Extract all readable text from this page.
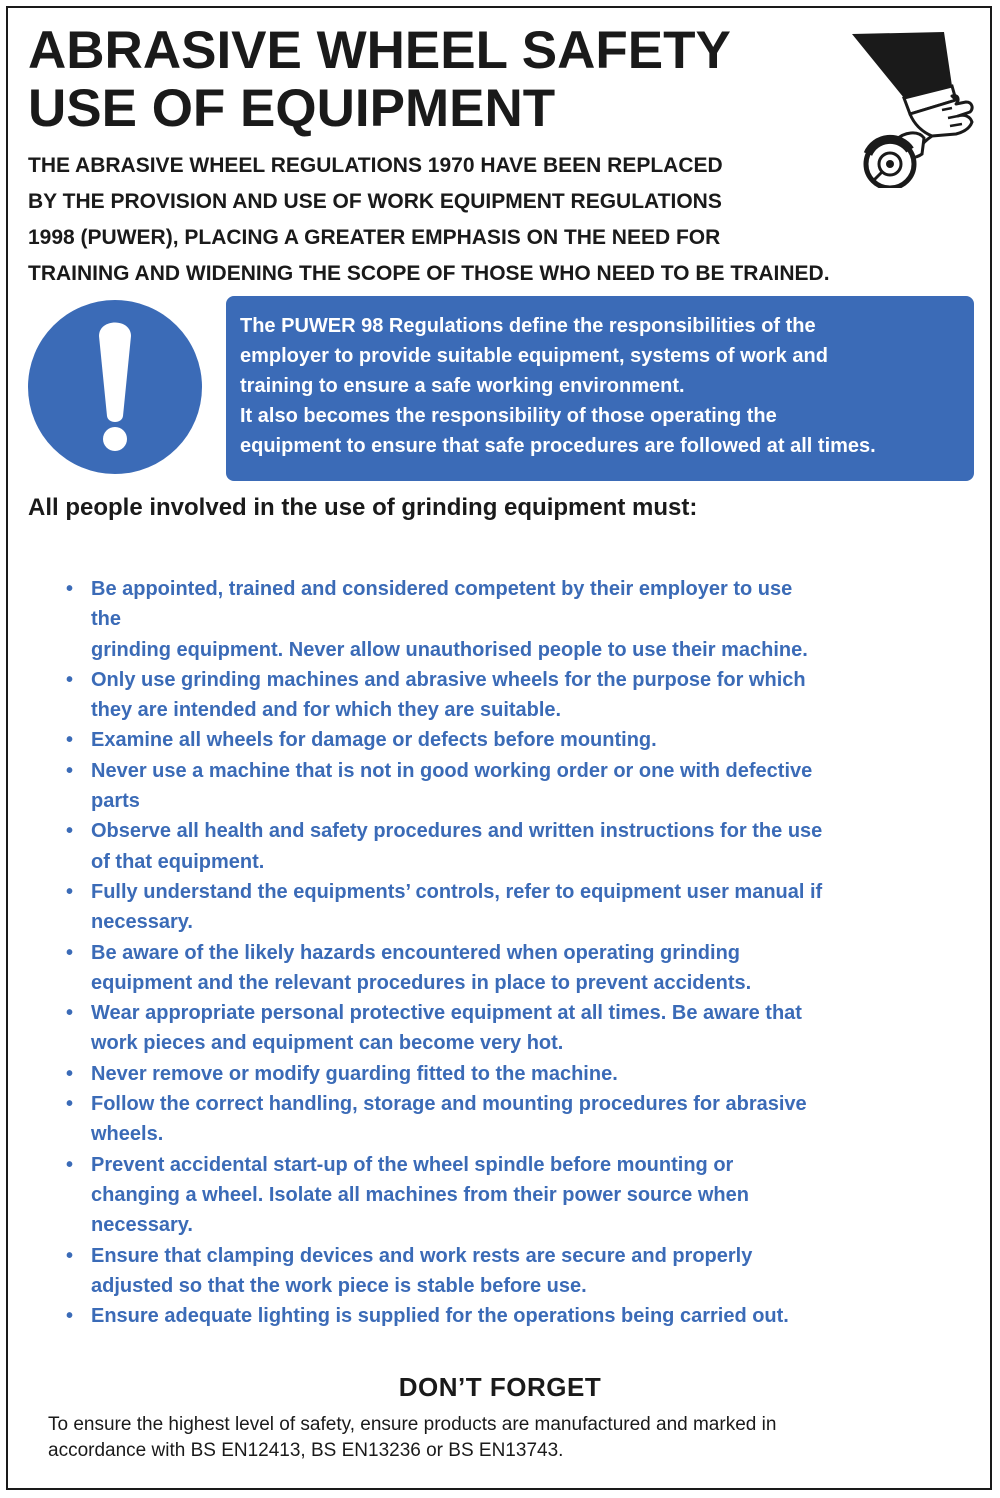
ABRASIVE WHEEL SAFETY
USE OF EQUIPMENT
THE ABRASIVE WHEEL REGULATIONS 1970 HAVE BEEN REPLACED
BY THE PROVISION AND USE OF WORK EQUIPMENT REGULATIONS
1998 (PUWER), PLACING A GREATER EMPHASIS ON THE NEED FOR
TRAINING AND WIDENING THE SCOPE OF THOSE WHO NEED TO BE TRAINED.
The PUWER 98 Regulations define the responsibilities of the
employer to provide suitable equipment, systems of work and
training to ensure a safe working environment.
It also becomes the responsibility of those operating the
equipment to ensure that safe procedures are followed at all times.

All people involved in the use of grinding equipment must:

• Be appointed, trained and considered competent by their employer to use
the
grinding equipment. Never allow unauthorised people to use their machine.
• Only use grinding machines and abrasive wheels for the purpose for which
they are intended and for which they are suitable.
• Examine all wheels for damage or defects before mounting.
• Never use a machine that is not in good working order or one with defective
parts
• Observe all health and safety procedures and written instructions for the use
of that equipment.
• Fully understand the equipments’ controls, refer to equipment user manual if
necessary.
• Be aware of the likely hazards encountered when operating grinding
equipment and the relevant procedures in place to prevent accidents.
• Wear appropriate personal protective equipment at all times. Be aware that
work pieces and equipment can become very hot.
• Never remove or modify guarding fitted to the machine.
• Follow the correct handling, storage and mounting procedures for abrasive
wheels.
• Prevent accidental start-up of the wheel spindle before mounting or
changing a wheel. Isolate all machines from their power source when
necessary.
• Ensure that clamping devices and work rests are secure and properly
adjusted so that the work piece is stable before use.
• Ensure adequate lighting is supplied for the operations being carried out.
DON’T FORGET
To ensure the highest level of safety, ensure products are manufactured and marked in
accordance with BS EN12413, BS EN13236 or BS EN13743.
